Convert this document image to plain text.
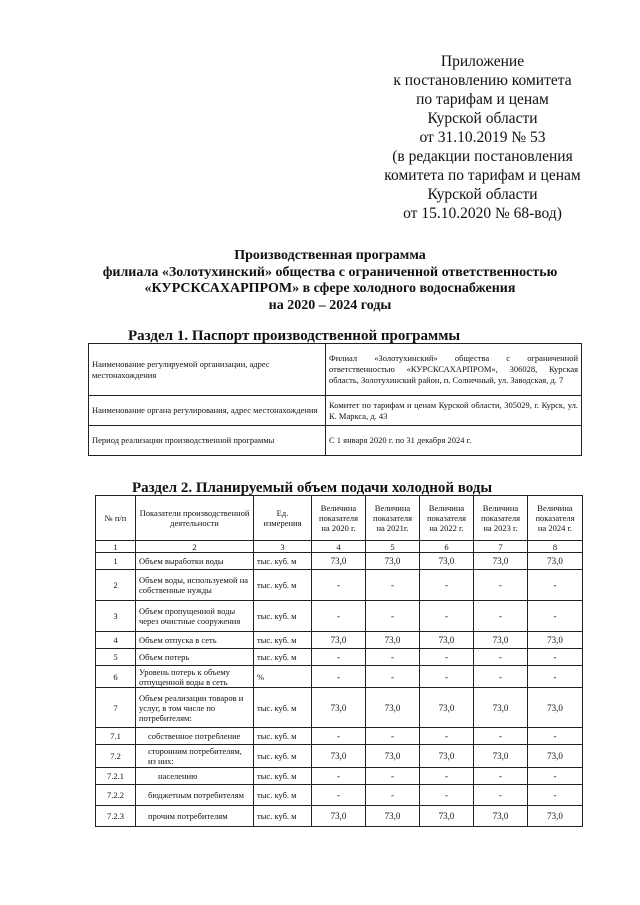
Приложение
к постановлению комитета
по тарифам и ценам
Курской области
от 31.10.2019 № 53
(в редакции постановления
комитета по тарифам и ценам
Курской области
от 15.10.2020 № 68-вод)
Производственная программа
филиала «Золотухинский» общества с ограниченной ответственностью
«КУРСКСАХАРПРОМ» в сфере холодного водоснабжения
на 2020 – 2024 годы
Раздел 1. Паспорт производственной программы
Наименование регулируемой организации, адрес местонахождения	Филиал «Золотухинский» общества с ограниченной ответственностью «КУРСКСАХАРПРОМ», 306028, Курская область, Золотухинский район, п. Солнечный, ул. Заводская, д. 7
Наименование органа регулирования, адрес местонахождения	Комитет по тарифам и ценам Курской области, 305029, г. Курск, ул. К. Маркса, д. 43
Период реализации производственной программы	С 1 января 2020 г. по 31 декабря 2024 г.
Раздел 2. Планируемый объем подачи холодной воды
№ п/п	Показатели производственной деятельности	Ед. измерения	Величина показателя на 2020 г.	Величина показателя на 2021г.	Величина показателя на 2022 г.	Величина показателя на 2023 г.	Величина показателя на 2024 г.
1	2	3	4	5	6	7	8
1	Объем выработки воды	тыс. куб. м	73,0	73,0	73,0	73,0	73,0
2	Объем воды, используемой на собственные нужды	тыс. куб. м	-	-	-	-	-
3	Объем пропущенной воды через очистные сооружения	тыс. куб. м	-	-	-	-	-
4	Объем отпуска в сеть	тыс. куб. м	73,0	73,0	73,0	73,0	73,0
5	Объем потерь	тыс. куб. м	-	-	-	-	-
6	Уровень потерь к объему отпущенной воды в сеть	%	-	-	-	-	-
7	Объем реализации товаров и услуг, в том числе по потребителям:	тыс. куб. м	73,0	73,0	73,0	73,0	73,0
7.1	собственное потребление	тыс. куб. м	-	-	-	-	-
7.2	сторонним потребителям, из них:	тыс. куб. м	73,0	73,0	73,0	73,0	73,0
7.2.1	населению	тыс. куб. м	-	-	-	-	-
7.2.2	бюджетным потребителям	тыс. куб. м	-	-	-	-	-
7.2.3	прочим потребителям	тыс. куб. м	73,0	73,0	73,0	73,0	73,0
